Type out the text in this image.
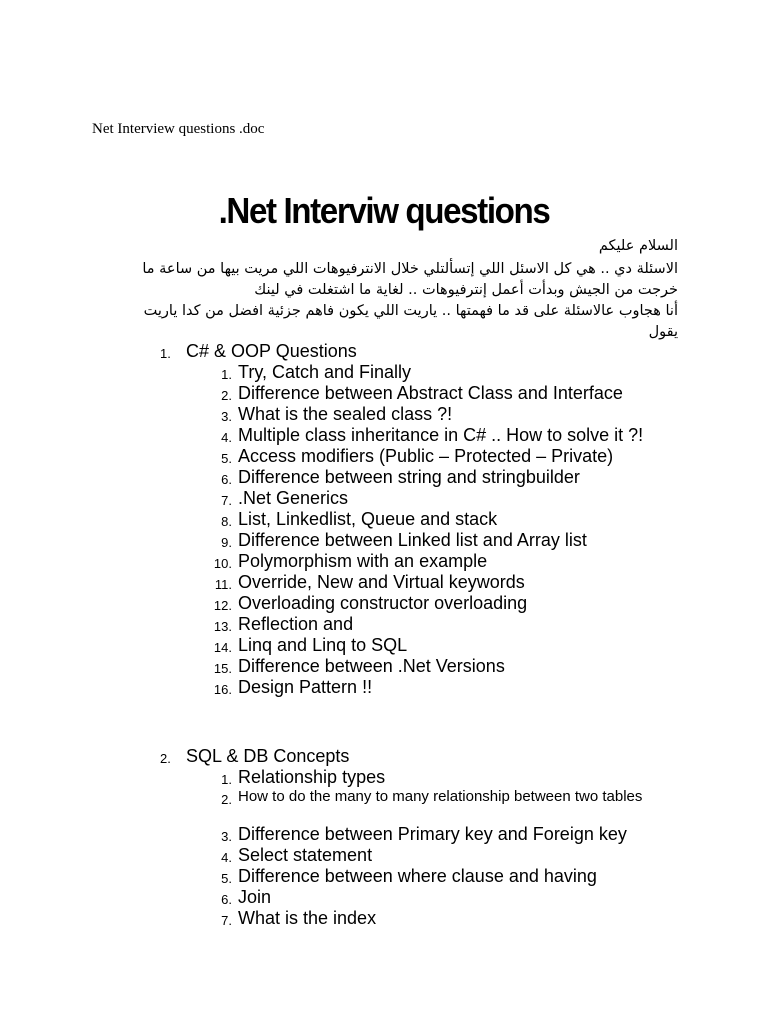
Net Interview questions .doc
.Net Interviw questions
السلام عليكم
الاسئلة دي .. هي كل الاسئل اللي إتسألتلي خلال الانترفيوهات اللي مريت بيها من ساعة ما
خرجت من الجيش وبدأت أعمل إنترفيوهات .. لغاية ما اشتغلت في لينك
أنا هجاوب عالاسئلة على قد ما فهمتها .. ياريت اللي يكون فاهم جزئية افضل من كدا ياريت
يقول
1. C# & OOP Questions
1. Try, Catch and Finally
2. Difference between Abstract Class and Interface
3. What is the sealed class ?!
4. Multiple class inheritance in C# .. How to solve it ?!
5. Access modifiers (Public – Protected – Private)
6. Difference between string and stringbuilder
7. .Net Generics
8. List, Linkedlist, Queue and stack
9. Difference between Linked list and Array list
10. Polymorphism with an example
11. Override, New and Virtual keywords
12. Overloading constructor overloading
13. Reflection and
14. Linq and Linq to SQL
15. Difference between .Net Versions
16. Design Pattern !!
2. SQL & DB Concepts
1. Relationship types
2. How to do the many to many relationship between two tables
3. Difference between Primary key and Foreign key
4. Select statement
5. Difference between where clause and having
6. Join
7. What is the index
